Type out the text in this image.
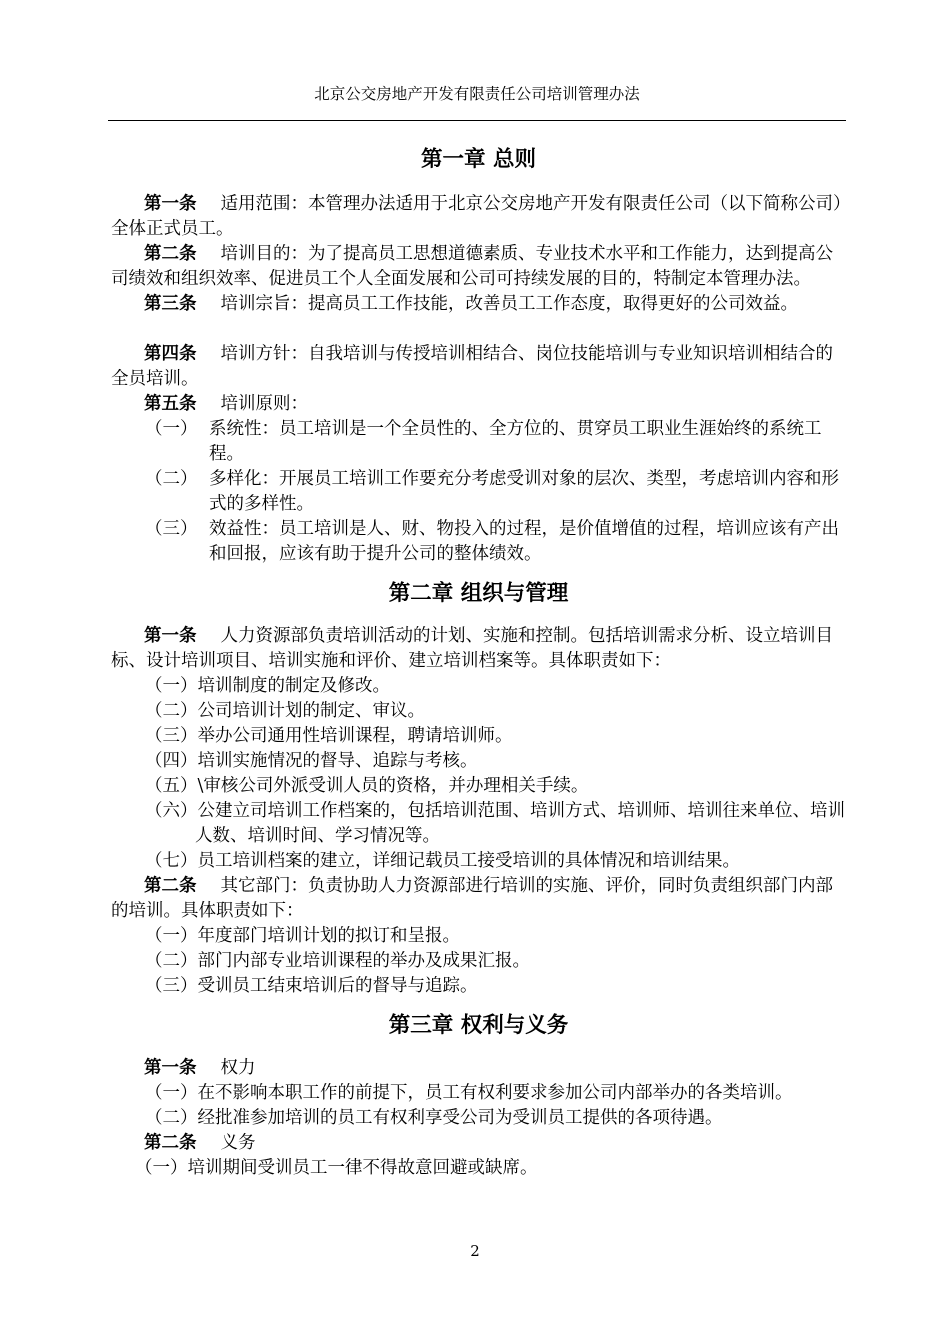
北京公交房地产开发有限责任公司培训管理办法
第一章 总则

第一条 适用范围：本管理办法适用于北京公交房地产开发有限责任公司（以下简称公司）全体正式员工。

第二条 培训目的：为了提高员工思想道德素质、专业技术水平和工作能力，达到提高公司绩效和组织效率、促进员工个人全面发展和公司可持续发展的目的，特制定本管理办法。

第三条 培训宗旨：提高员工工作技能，改善员工工作态度，取得更好的公司效益。

第四条 培训方针：自我培训与传授培训相结合、岗位技能培训与专业知识培训相结合的全员培训。

第五条 培训原则：

（一） 系统性：员工培训是一个全员性的、全方位的、贯穿员工职业生涯始终的系统工程。
（二） 多样化：开展员工培训工作要充分考虑受训对象的层次、类型，考虑培训内容和形式的多样性。
（三） 效益性：员工培训是人、财、物投入的过程，是价值增值的过程，培训应该有产出和回报，应该有助于提升公司的整体绩效。
第二章 组织与管理

第一条 人力资源部负责培训活动的计划、实施和控制。包括培训需求分析、设立培训目标、设计培训项目、培训实施和评价、建立培训档案等。具体职责如下：

（一）培训制度的制定及修改。

（二）公司培训计划的制定、审议。

（三）举办公司通用性培训课程，聘请培训师。

（四）培训实施情况的督导、追踪与考核。

（五）\审核公司外派受训人员的资格，并办理相关手续。

（六）公建立司培训工作档案的，包括培训范围、培训方式、培训师、培训往来单位、培训人数、培训时间、学习情况等。

（七）员工培训档案的建立，详细记载员工接受培训的具体情况和培训结果。

第二条 其它部门：负责协助人力资源部进行培训的实施、评价，同时负责组织部门内部的培训。具体职责如下：

（一）年度部门培训计划的拟订和呈报。

（二）部门内部专业培训课程的举办及成果汇报。

（三）受训员工结束培训后的督导与追踪。

第三章 权利与义务

第一条 权力

（一）在不影响本职工作的前提下，员工有权利要求参加公司内部举办的各类培训。

（二）经批准参加培训的员工有权利享受公司为受训员工提供的各项待遇。

第二条 义务

（一）培训期间受训员工一律不得故意回避或缺席。

2
